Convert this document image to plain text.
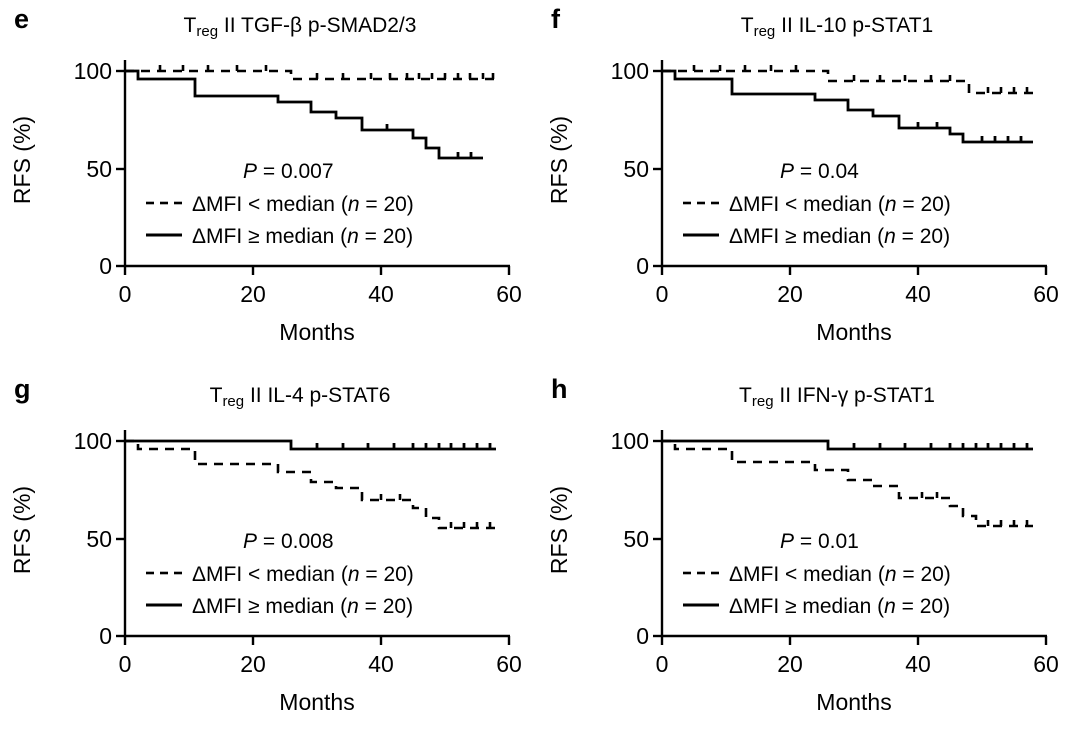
e	$T_{reg}$ II TGF-β p-SMAD2/3
RFS (%)
100
50
0
0	20	40	60
Months
P = 0.007
ΔMFI < median (n = 20)
ΔMFI ≥ median (n = 20)
f	$T_{reg}$ II IL-10 p-STAT1
RFS (%)
100
50
0
0	20	40	60
Months
P = 0.04
ΔMFI < median (n = 20)
ΔMFI ≥ median (n = 20)
g	$T_{reg}$ II IL-4 p-STAT6
RFS (%)
100
50
0
0	20	40	60
Months
P = 0.008
ΔMFI < median (n = 20)
ΔMFI ≥ median (n = 20)
h	$T_{reg}$ II IFN-γ p-STAT1
RFS (%)
100
50
0
0	20	40	60
Months
P = 0.01
ΔMFI < median (n = 20)
ΔMFI ≥ median (n = 20)
